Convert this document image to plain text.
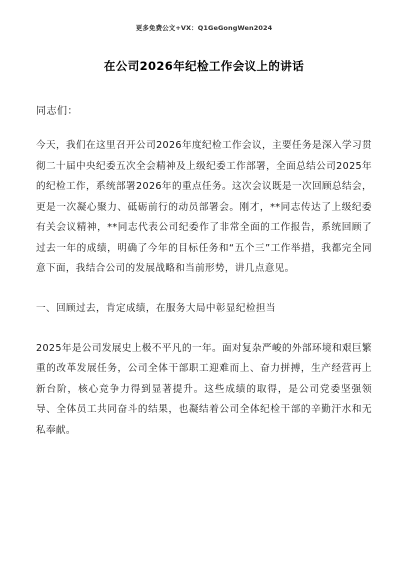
更多免费公文+VX：Q1GeGongWen2024
在公司2026年纪检工作会议上的讲话
同志们：

今天，我们在这里召开公司2026年度纪检工作会议，主要任务是深入学习贯彻二十届中央纪委五次全会精神及上级纪委工作部署，全面总结公司2025年的纪检工作，系统部署2026年的重点任务。这次会议既是一次回顾总结会，更是一次凝心聚力、砥砺前行的动员部署会。刚才，**同志传达了上级纪委有关会议精神，**同志代表公司纪委作了非常全面的工作报告，系统回顾了过去一年的成绩，明确了今年的目标任务和“五个三”工作举措，我都完全同意下面，我结合公司的发展战略和当前形势，讲几点意见。

一、回顾过去，肯定成绩，在服务大局中彰显纪检担当

2025年是公司发展史上极不平凡的一年。面对复杂严峻的外部环境和艰巨繁重的改革发展任务，公司全体干部职工迎难而上、奋力拼搏，生产经营再上新台阶，核心竞争力得到显著提升。这些成绩的取得，是公司党委坚强领导、全体员工共同奋斗的结果，也凝结着公司全体纪检干部的辛勤汗水和无私奉献。
